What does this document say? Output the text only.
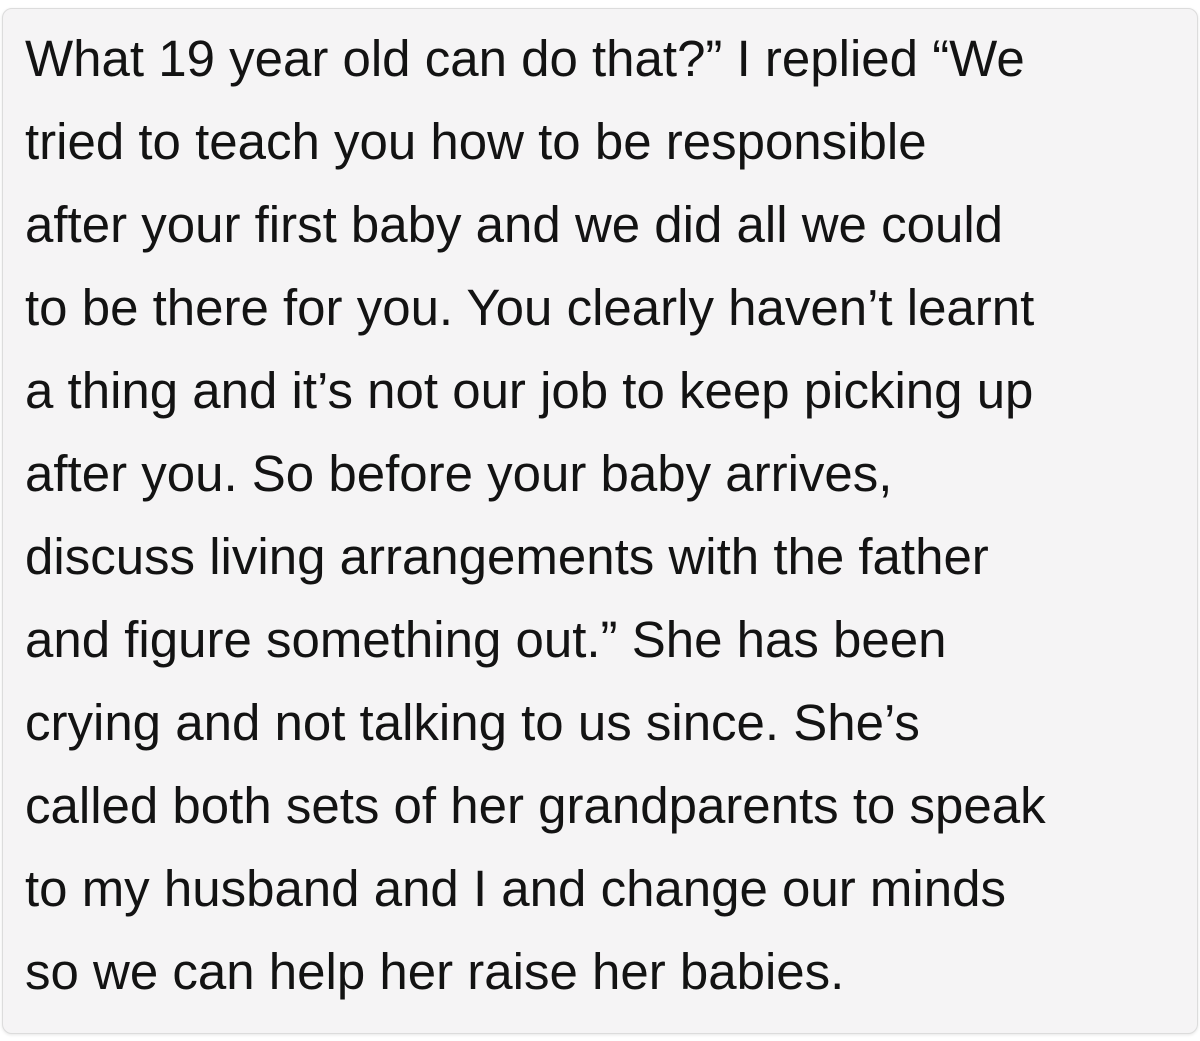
What 19 year old can do that?” I replied “We
tried to teach you how to be responsible
after your first baby and we did all we could
to be there for you. You clearly haven’t learnt
a thing and it’s not our job to keep picking up
after you. So before your baby arrives,
discuss living arrangements with the father
and figure something out.” She has been
crying and not talking to us since. She’s
called both sets of her grandparents to speak
to my husband and I and change our minds
so we can help her raise her babies.
